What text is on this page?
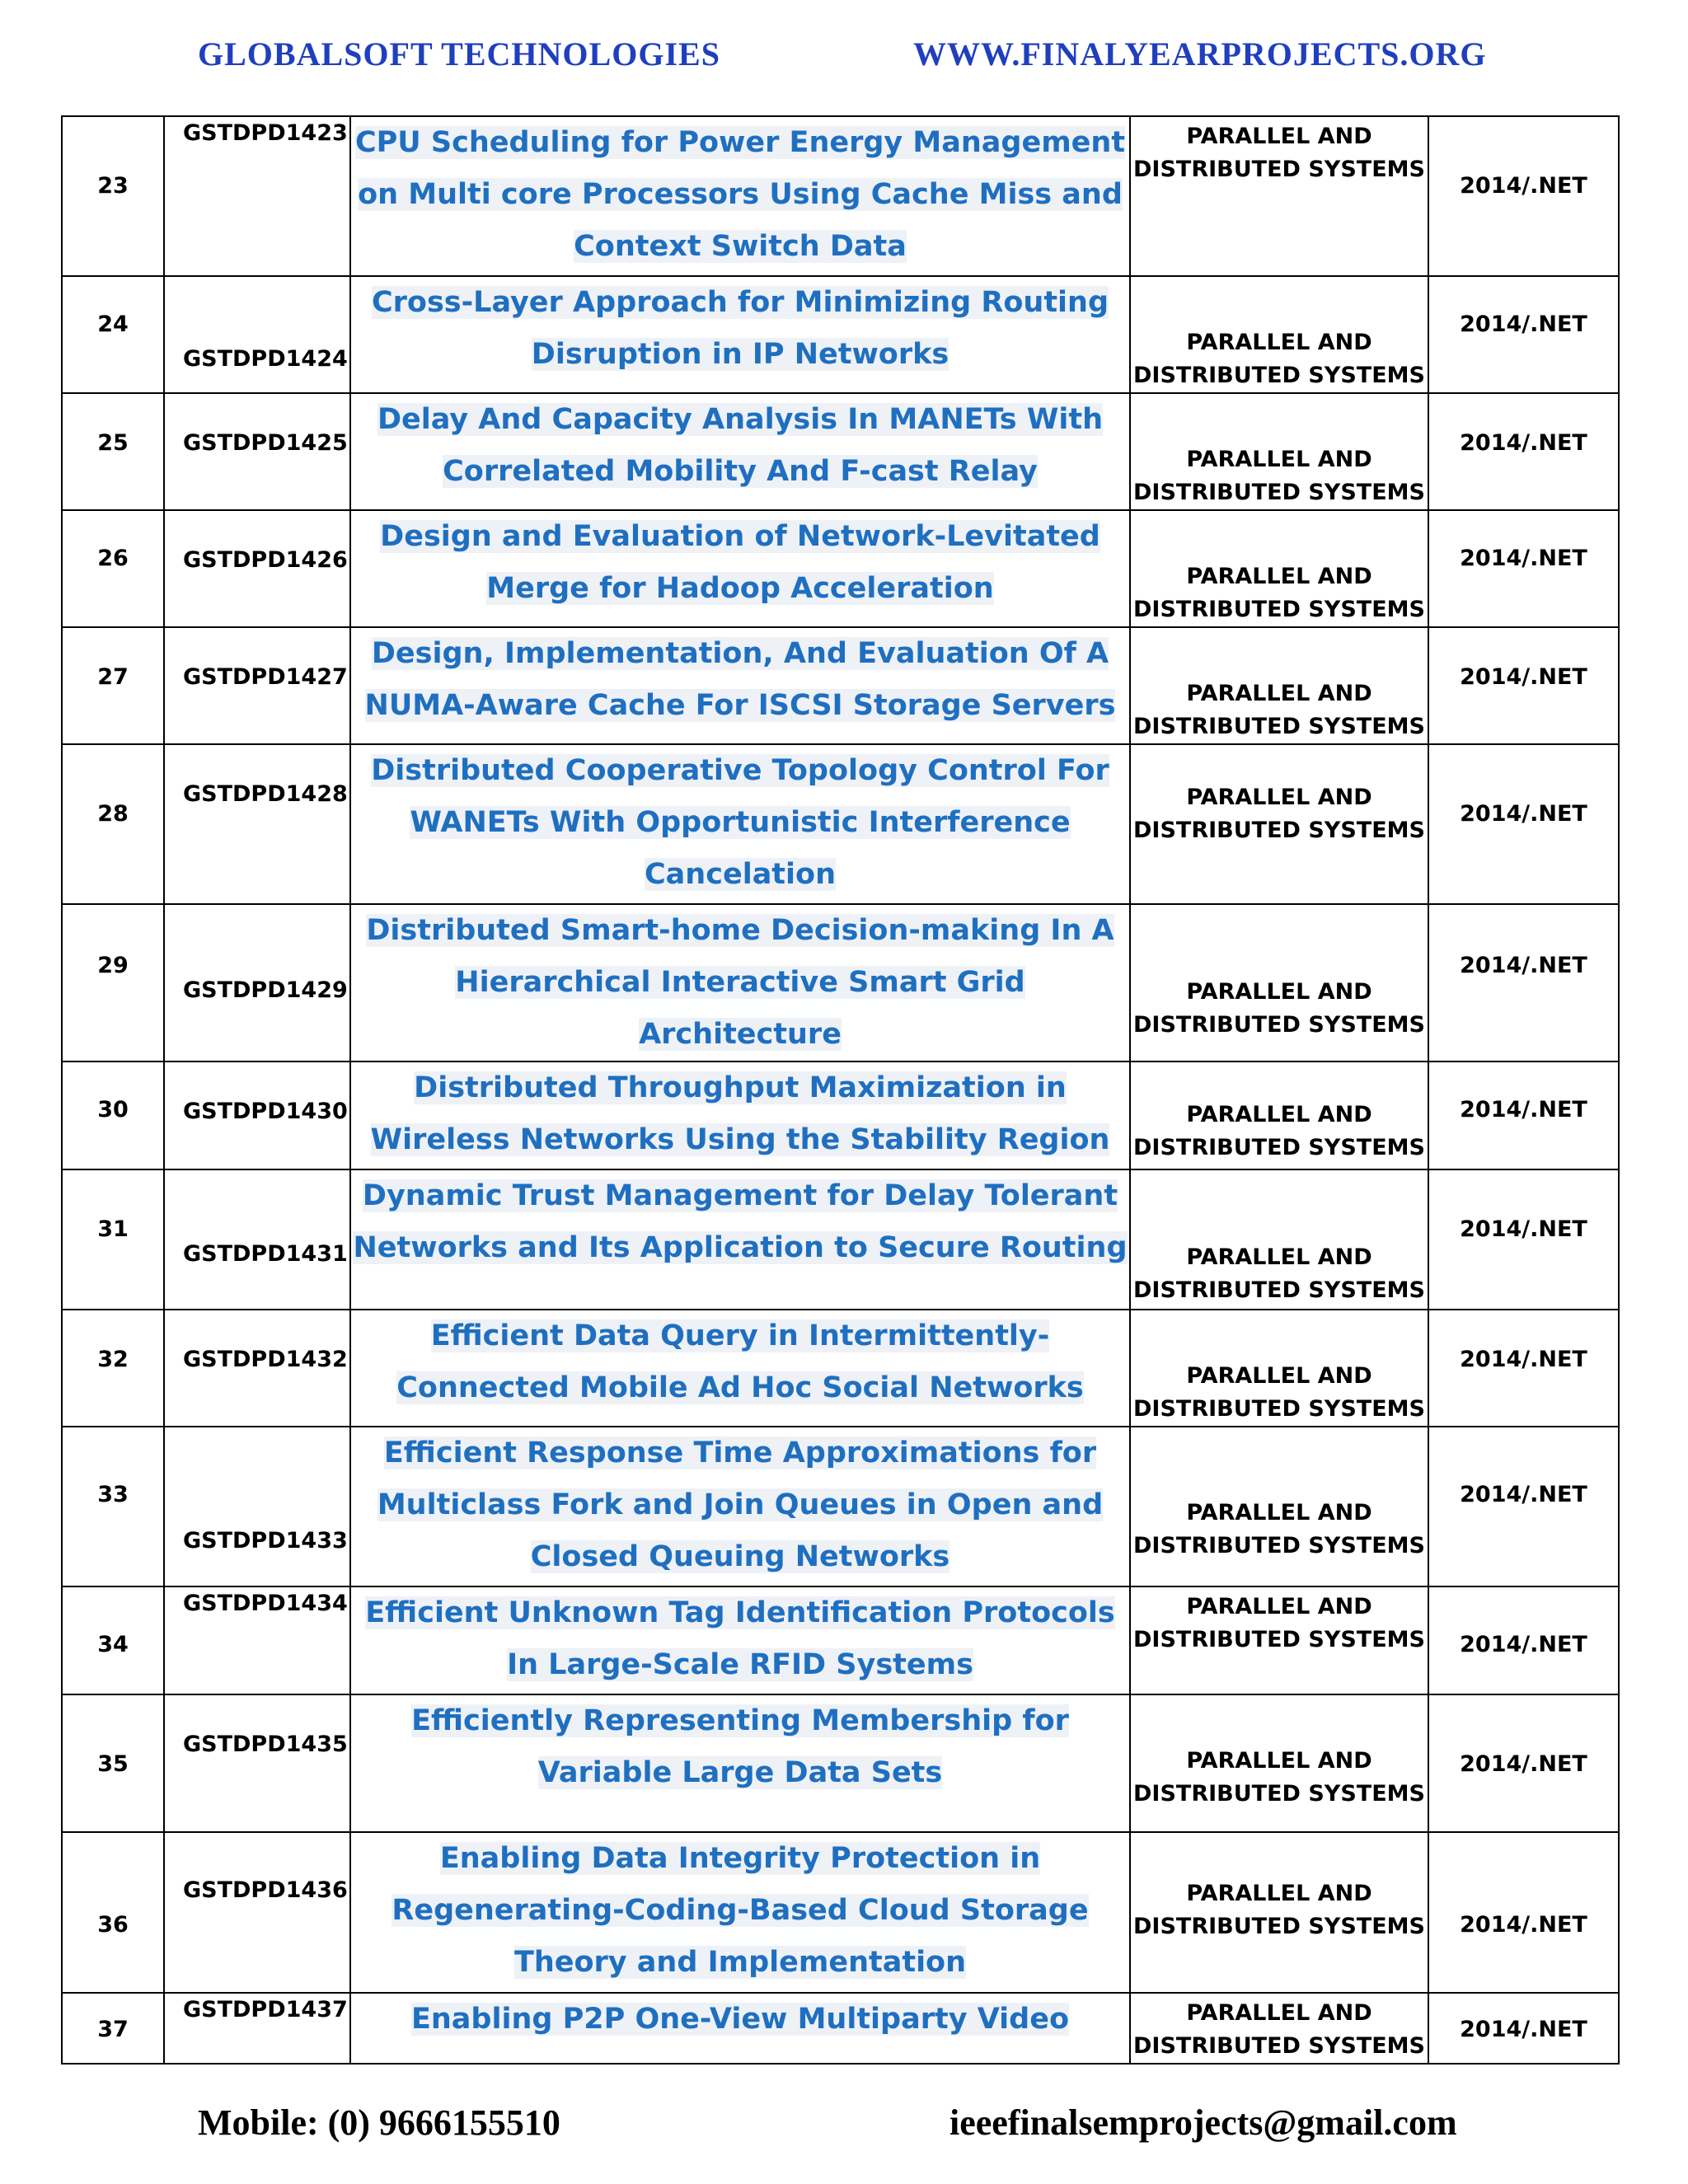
GLOBALSOFT TECHNOLOGIES	WWW.FINALYEARPROJECTS.ORG
23	GSTDPD1423	CPU Scheduling for Power Energy Management on Multi core Processors Using Cache Miss and Context Switch Data	PARALLEL AND DISTRIBUTED SYSTEMS	2014/.NET

24	GSTDPD1424	Cross-Layer Approach for Minimizing Routing Disruption in IP Networks	PARALLEL AND DISTRIBUTED SYSTEMS	2014/.NET

25	GSTDPD1425	Delay And Capacity Analysis In MANETs With Correlated Mobility And F-cast Relay	PARALLEL AND DISTRIBUTED SYSTEMS	2014/.NET

26	GSTDPD1426	Design and Evaluation of Network-Levitated Merge for Hadoop Acceleration	PARALLEL AND DISTRIBUTED SYSTEMS	2014/.NET

27	GSTDPD1427	Design, Implementation, And Evaluation Of A NUMA-Aware Cache For ISCSI Storage Servers	PARALLEL AND DISTRIBUTED SYSTEMS	2014/.NET

28	GSTDPD1428	Distributed Cooperative Topology Control For WANETs With Opportunistic Interference Cancelation	PARALLEL AND DISTRIBUTED SYSTEMS	2014/.NET

29	GSTDPD1429	Distributed Smart-home Decision-making In A Hierarchical Interactive Smart Grid Architecture	PARALLEL AND DISTRIBUTED SYSTEMS	2014/.NET

30	GSTDPD1430	Distributed Throughput Maximization in Wireless Networks Using the Stability Region	PARALLEL AND DISTRIBUTED SYSTEMS	2014/.NET

31	GSTDPD1431	Dynamic Trust Management for Delay Tolerant Networks and Its Application to Secure Routing	PARALLEL AND DISTRIBUTED SYSTEMS	2014/.NET

32	GSTDPD1432	Efficient Data Query in Intermittently-Connected Mobile Ad Hoc Social Networks	PARALLEL AND DISTRIBUTED SYSTEMS	2014/.NET

33	GSTDPD1433	Efficient Response Time Approximations for Multiclass Fork and Join Queues in Open and Closed Queuing Networks	PARALLEL AND DISTRIBUTED SYSTEMS	2014/.NET

34	GSTDPD1434	Efficient Unknown Tag Identification Protocols In Large-Scale RFID Systems	PARALLEL AND DISTRIBUTED SYSTEMS	2014/.NET

35	GSTDPD1435	Efficiently Representing Membership for Variable Large Data Sets	PARALLEL AND DISTRIBUTED SYSTEMS	2014/.NET

36	GSTDPD1436	Enabling Data Integrity Protection in Regenerating-Coding-Based Cloud Storage Theory and Implementation	PARALLEL AND DISTRIBUTED SYSTEMS	2014/.NET

37	GSTDPD1437	Enabling P2P One-View Multiparty Video	PARALLEL AND DISTRIBUTED SYSTEMS	2014/.NET
Mobile: (0) 9666155510	ieeefinalsemprojects@gmail.com
